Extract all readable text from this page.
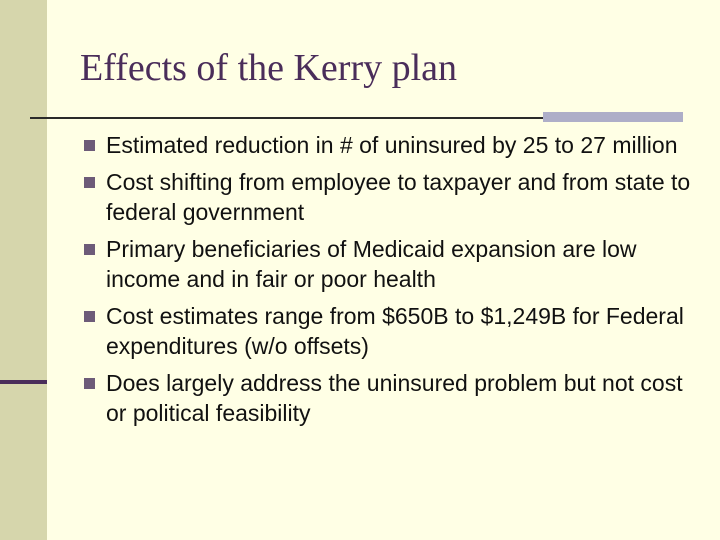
Effects of the Kerry plan
Estimated reduction in # of uninsured by 25 to 27 million
Cost shifting from employee to taxpayer and from state to federal government
Primary beneficiaries of Medicaid expansion are low income and in fair or poor health
Cost estimates range from $650B to $1,249B for Federal expenditures (w/o offsets)
Does largely address the uninsured problem but not cost or political feasibility
